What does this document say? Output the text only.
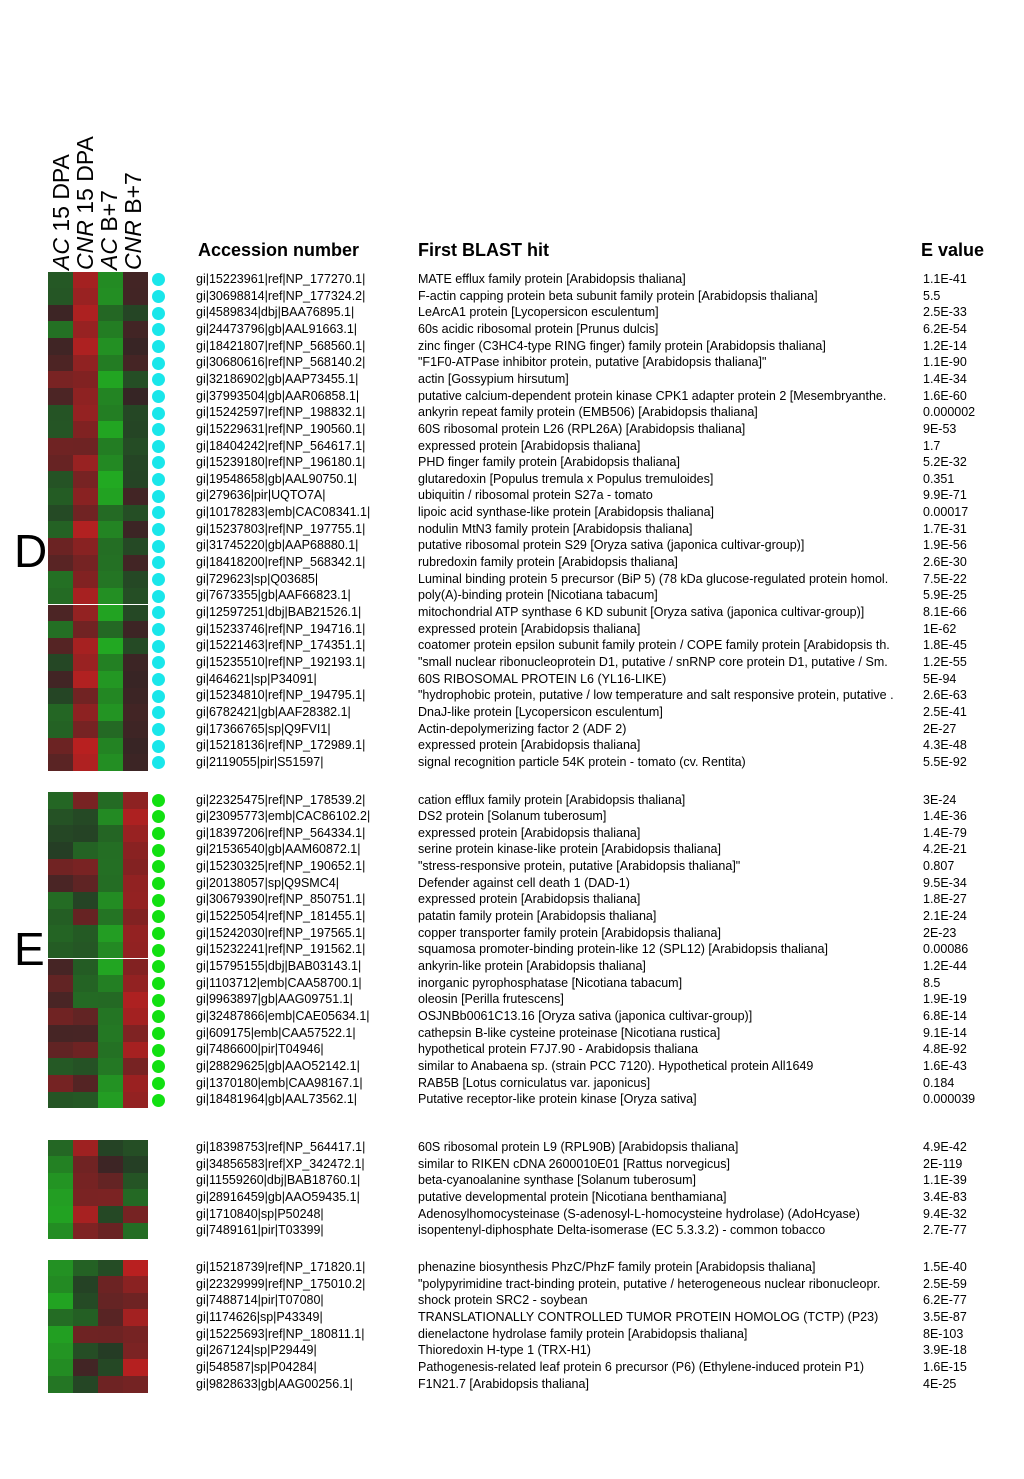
AC 15 DPA
CNR 15 DPA
AC B+7
CNR B+7
Accession number	First BLAST hit	E value
D
gi|15223961|ref|NP_177270.1|	MATE efflux family protein [Arabidopsis thaliana]	1.1E-41
gi|30698814|ref|NP_177324.2|	F-actin capping protein beta subunit family protein [Arabidopsis thaliana]	5.5
gi|4589834|dbj|BAA76895.1|	LeArcA1 protein [Lycopersicon esculentum]	2.5E-33
gi|24473796|gb|AAL91663.1|	60s acidic ribosomal protein [Prunus dulcis]	6.2E-54
gi|18421807|ref|NP_568560.1|	zinc finger (C3HC4-type RING finger) family protein [Arabidopsis thaliana]	1.2E-14
gi|30680616|ref|NP_568140.2|	"F1F0-ATPase inhibitor protein, putative [Arabidopsis thaliana]"	1.1E-90
gi|32186902|gb|AAP73455.1|	actin [Gossypium hirsutum]	1.4E-34
gi|37993504|gb|AAR06858.1|	putative calcium-dependent protein kinase CPK1 adapter protein 2 [Mesembryanthe.	1.6E-60
gi|15242597|ref|NP_198832.1|	ankyrin repeat family protein (EMB506) [Arabidopsis thaliana]	0.000002
gi|15229631|ref|NP_190560.1|	60S ribosomal protein L26 (RPL26A) [Arabidopsis thaliana]	9E-53
gi|18404242|ref|NP_564617.1|	expressed protein [Arabidopsis thaliana]	1.7
gi|15239180|ref|NP_196180.1|	PHD finger family protein [Arabidopsis thaliana]	5.2E-32
gi|19548658|gb|AAL90750.1|	glutaredoxin [Populus tremula x Populus tremuloides]	0.351
gi|279636|pir|UQTO7A|	ubiquitin / ribosomal protein S27a - tomato	9.9E-71
gi|10178283|emb|CAC08341.1|	lipoic acid synthase-like protein [Arabidopsis thaliana]	0.00017
gi|15237803|ref|NP_197755.1|	nodulin MtN3 family protein [Arabidopsis thaliana]	1.7E-31
gi|31745220|gb|AAP68880.1|	putative ribosomal protein S29 [Oryza sativa (japonica cultivar-group)]	1.9E-56
gi|18418200|ref|NP_568342.1|	rubredoxin family protein [Arabidopsis thaliana]	2.6E-30
gi|729623|sp|Q03685|	Luminal binding protein 5 precursor (BiP 5) (78 kDa glucose-regulated protein homol.	7.5E-22
gi|7673355|gb|AAF66823.1|	poly(A)-binding protein [Nicotiana tabacum]	5.9E-25
gi|12597251|dbj|BAB21526.1|	mitochondrial ATP synthase 6 KD subunit [Oryza sativa (japonica cultivar-group)]	8.1E-66
gi|15233746|ref|NP_194716.1|	expressed protein [Arabidopsis thaliana]	1E-62
gi|15221463|ref|NP_174351.1|	coatomer protein epsilon subunit family protein / COPE family protein [Arabidopsis th.	1.8E-45
gi|15235510|ref|NP_192193.1|	"small nuclear ribonucleoprotein D1, putative / snRNP core protein D1, putative / Sm.	1.2E-55
gi|464621|sp|P34091|	60S RIBOSOMAL PROTEIN L6 (YL16-LIKE)	5E-94
gi|15234810|ref|NP_194795.1|	"hydrophobic protein, putative / low temperature and salt responsive protein, putative .	2.6E-63
gi|6782421|gb|AAF28382.1|	DnaJ-like protein [Lycopersicon esculentum]	2.5E-41
gi|17366765|sp|Q9FVI1|	Actin-depolymerizing factor 2 (ADF 2)	2E-27
gi|15218136|ref|NP_172989.1|	expressed protein [Arabidopsis thaliana]	4.3E-48
gi|2119055|pir|S51597|	signal recognition particle 54K protein - tomato (cv. Rentita)	5.5E-92
E
gi|22325475|ref|NP_178539.2|	cation efflux family protein [Arabidopsis thaliana]	3E-24
gi|23095773|emb|CAC86102.2|	DS2 protein [Solanum tuberosum]	1.4E-36
gi|18397206|ref|NP_564334.1|	expressed protein [Arabidopsis thaliana]	1.4E-79
gi|21536540|gb|AAM60872.1|	serine protein kinase-like protein [Arabidopsis thaliana]	4.2E-21
gi|15230325|ref|NP_190652.1|	"stress-responsive protein, putative [Arabidopsis thaliana]"	0.807
gi|20138057|sp|Q9SMC4|	Defender against cell death 1 (DAD-1)	9.5E-34
gi|30679390|ref|NP_850751.1|	expressed protein [Arabidopsis thaliana]	1.8E-27
gi|15225054|ref|NP_181455.1|	patatin family protein [Arabidopsis thaliana]	2.1E-24
gi|15242030|ref|NP_197565.1|	copper transporter family protein [Arabidopsis thaliana]	2E-23
gi|15232241|ref|NP_191562.1|	squamosa promoter-binding protein-like 12 (SPL12) [Arabidopsis thaliana]	0.00086
gi|15795155|dbj|BAB03143.1|	ankyrin-like protein [Arabidopsis thaliana]	1.2E-44
gi|1103712|emb|CAA58700.1|	inorganic pyrophosphatase [Nicotiana tabacum]	8.5
gi|9963897|gb|AAG09751.1|	oleosin [Perilla frutescens]	1.9E-19
gi|32487866|emb|CAE05634.1|	OSJNBb0061C13.16 [Oryza sativa (japonica cultivar-group)]	6.8E-14
gi|609175|emb|CAA57522.1|	cathepsin B-like cysteine proteinase [Nicotiana rustica]	9.1E-14
gi|7486600|pir|T04946|	hypothetical protein F7J7.90 - Arabidopsis thaliana	4.8E-92
gi|28829625|gb|AAO52142.1|	similar to Anabaena sp. (strain PCC 7120). Hypothetical protein All1649	1.6E-43
gi|1370180|emb|CAA98167.1|	RAB5B [Lotus corniculatus var. japonicus]	0.184
gi|18481964|gb|AAL73562.1|	Putative receptor-like protein kinase [Oryza sativa]	0.000039
gi|18398753|ref|NP_564417.1|	60S ribosomal protein L9 (RPL90B) [Arabidopsis thaliana]	4.9E-42
gi|34856583|ref|XP_342472.1|	similar to RIKEN cDNA 2600010E01 [Rattus norvegicus]	2E-119
gi|11559260|dbj|BAB18760.1|	beta-cyanoalanine synthase [Solanum tuberosum]	1.1E-39
gi|28916459|gb|AAO59435.1|	putative developmental protein [Nicotiana benthamiana]	3.4E-83
gi|1710840|sp|P50248|	Adenosylhomocysteinase (S-adenosyl-L-homocysteine hydrolase) (AdoHcyase)	9.4E-32
gi|7489161|pir|T03399|	isopentenyl-diphosphate Delta-isomerase (EC 5.3.3.2) - common tobacco	2.7E-77
gi|15218739|ref|NP_171820.1|	phenazine biosynthesis PhzC/PhzF family protein [Arabidopsis thaliana]	1.5E-40
gi|22329999|ref|NP_175010.2|	"polypyrimidine tract-binding protein, putative / heterogeneous nuclear ribonucleopr.	2.5E-59
gi|7488714|pir|T07080|	shock protein SRC2 - soybean	6.2E-77
gi|1174626|sp|P43349|	TRANSLATIONALLY CONTROLLED TUMOR PROTEIN HOMOLOG (TCTP) (P23)	3.5E-87
gi|15225693|ref|NP_180811.1|	dienelactone hydrolase family protein [Arabidopsis thaliana]	8E-103
gi|267124|sp|P29449|	Thioredoxin H-type 1 (TRX-H1)	3.9E-18
gi|548587|sp|P04284|	Pathogenesis-related leaf protein 6 precursor (P6) (Ethylene-induced protein P1)	1.6E-15
gi|9828633|gb|AAG00256.1|	F1N21.7 [Arabidopsis thaliana]	4E-25
